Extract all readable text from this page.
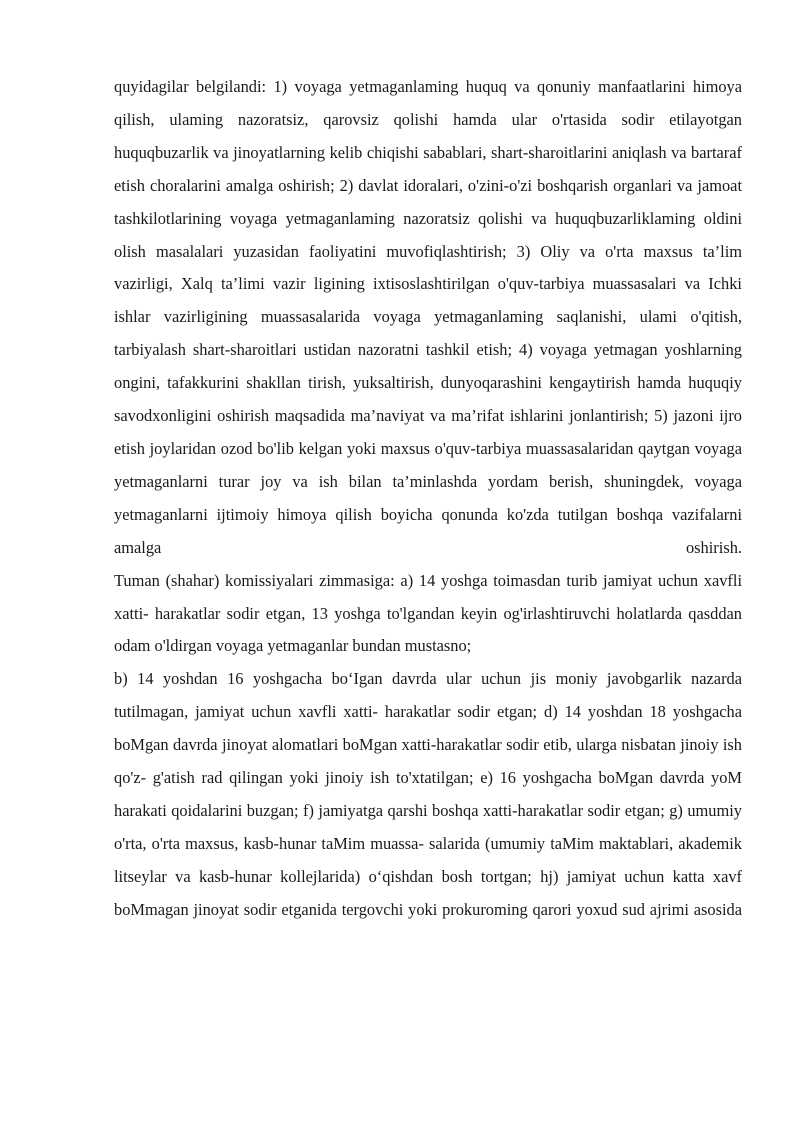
quyidagilar belgilandi: 1) voyaga yetmaganlaming huquq va qonuniy manfaatlarini himoya qilish, ulaming nazoratsiz, qarovsiz qolishi hamda ular o'rtasida sodir etilayotgan huquqbuzarlik va jinoyatlarning kelib chiqishi sabablari, shart-sharoitlarini aniqlash va bartaraf etish choralarini amalga oshirish; 2) davlat idoralari, o'zini-o'zi boshqarish organlari va jamoat tashkilotlarining voyaga yetmaganlaming nazoratsiz qolishi va huquqbuzarliklaming oldini olish masalalari yuzasidan faoliyatini muvofiqlashtirish; 3) Oliy va o'rta maxsus ta’lim vazirligi, Xalq ta’limi vazir ligining ixtisoslashtirilgan o'quv-tarbiya muassasalari va Ichki ishlar vazirligining muassasalarida voyaga yetmaganlaming saqlanishi, ulami o'qitish, tarbiyalash shart-sharoitlari ustidan nazoratni tashkil etish; 4) voyaga yetmagan yoshlarning ongini, tafakkurini shakllan tirish, yuksaltirish, dunyoqarashini kengaytirish hamda huquqiy savodxonligini oshirish maqsadida ma’naviyat va ma’rifat ishlarini jonlantirish; 5) jazoni ijro etish joylaridan ozod bo'lib kelgan yoki maxsus o'quv-tarbiya muassasalaridan qaytgan voyaga yetmaganlarni turar joy va ish bilan ta’minlashda yordam berish, shuningdek, voyaga yetmaganlarni ijtimoiy himoya qilish boyicha qonunda ko'zda tutilgan boshqa vazifalarni amalga oshirish.

Tuman (shahar) komissiyalari zimmasiga: a) 14 yoshga toimasdan turib jamiyat uchun xavfli xatti- harakatlar sodir etgan, 13 yoshga to'lgandan keyin og'irlashtiruvchi holatlarda qasddan odam o'ldirgan voyaga yetmaganlar bundan mustasno;

b) 14 yoshdan 16 yoshgacha bo‘Igan davrda ular uchun jis moniy javobgarlik nazarda tutilmagan, jamiyat uchun xavfli xatti- harakatlar sodir etgan; d) 14 yoshdan 18 yoshgacha boMgan davrda jinoyat alomatlari boMgan xatti-harakatlar sodir etib, ularga nisbatan jinoiy ish qo'z- g'atish rad qilingan yoki jinoiy ish to'xtatilgan; e) 16 yoshgacha boMgan davrda yoM harakati qoidalarini buzgan; f) jamiyatga qarshi boshqa xatti-harakatlar sodir etgan; g) umumiy o'rta, o'rta maxsus, kasb-hunar taMim muassa- salarida (umumiy taMim maktablari, akademik litseylar va kasb-hunar kollejlarida) o‘qishdan bosh tortgan; hj) jamiyat uchun katta xavf boMmagan jinoyat sodir etganida tergovchi yoki prokuroming qarori yoxud sud ajrimi asosida
